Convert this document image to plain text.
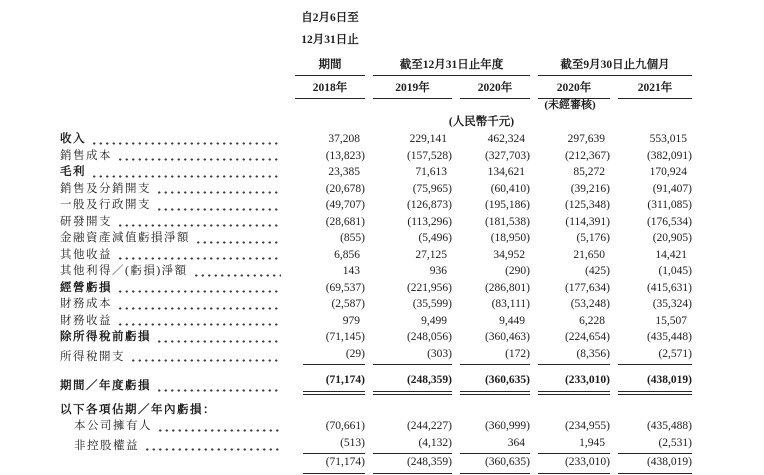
	自2月6日至				
	12月31日止				

	期間	截至12月31日止年度		截至9月30日止九個月	

	2018年	2019年	2020年	2020年	2021年

				(未經審核)	
	(人民幣千元)				

收入	37,208	229,141	462,324	297,639	553,015

銷售成本	(13,823)	(157,528)	(327,703)	(212,367)	(382,091)

毛利	23,385	71,613	134,621	85,272	170,924

銷售及分銷開支	(20,678)	(75,965)	(60,410)	(39,216)	(91,407)

一般及行政開支	(49,707)	(126,873)	(195,186)	(125,348)	(311,085)

研發開支	(28,681)	(113,296)	(181,538)	(114,391)	(176,534)

金融資產減值虧損淨額	(855)	(5,496)	(18,950)	(5,176)	(20,905)

其他收益	6,856	27,125	34,952	21,650	14,421

其他利得／(虧損)淨額	143	936	(290)	(425)	(1,045)

經營虧損	(69,537)	(221,956)	(286,801)	(177,634)	(415,631)

財務成本	(2,587)	(35,599)	(83,111)	(53,248)	(35,324)

財務收益	979	9,499	9,449	6,228	15,507

除所得稅前虧損	(71,145)	(248,056)	(360,463)	(224,654)	(435,448)

所得稅開支	(29)	(303)	(172)	(8,356)	(2,571)

期間／年度虧損	(71,174)	(248,359)	(360,635)	(233,010)	(438,019)

以下各項佔期／年內虧損：					

本公司擁有人	(70,661)	(244,227)	(360,999)	(234,955)	(435,488)

非控股權益	(513)	(4,132)	364	1,945	(2,531)

	(71,174)	(248,359)	(360,635)	(233,010)	(438,019)
